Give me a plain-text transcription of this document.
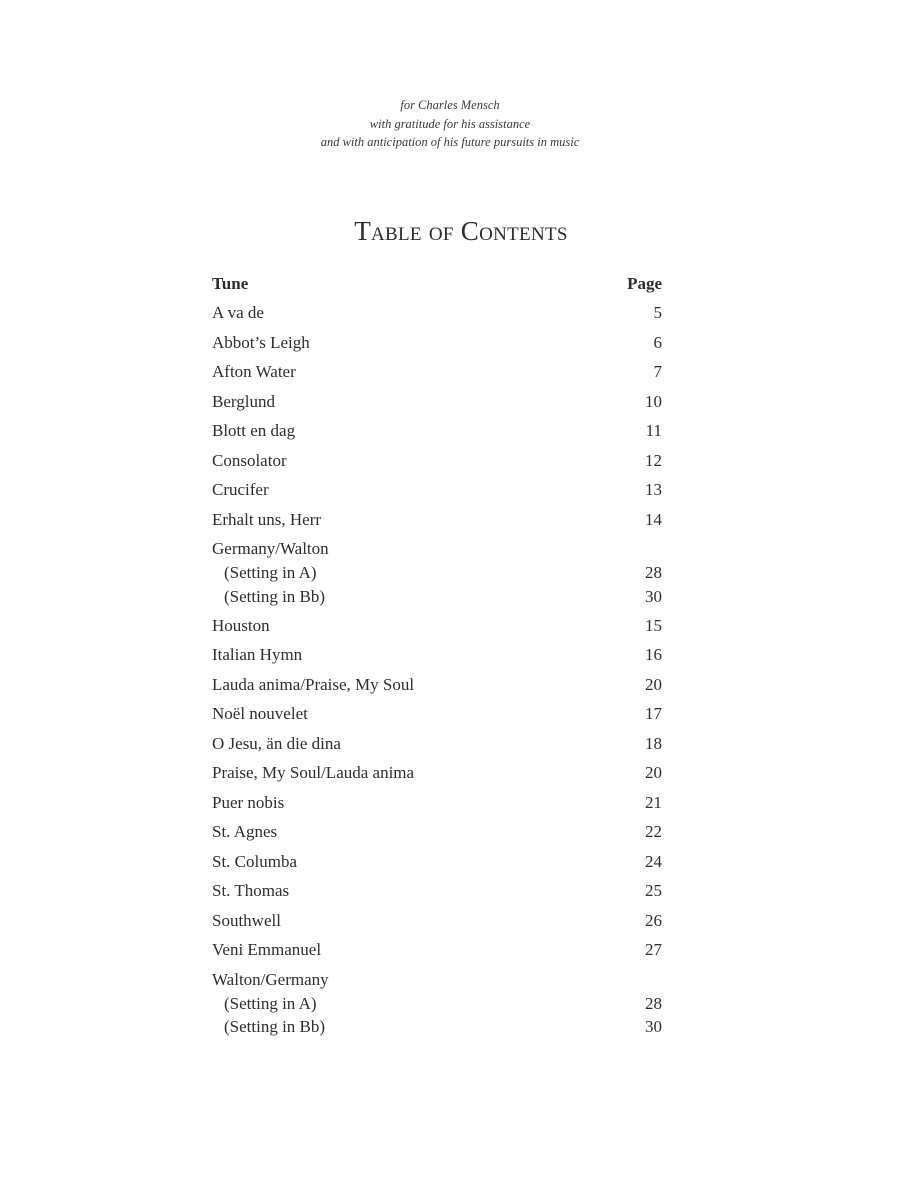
for Charles Mensch
with gratitude for his assistance
and with anticipation of his future pursuits in music
Table of Contents
Tune	Page
A va de	5
Abbot’s Leigh	6
Afton Water	7
Berglund	10
Blott en dag	11
Consolator	12
Crucifer	13
Erhalt uns, Herr	14
Germany/Walton
(Setting in A)	28
(Setting in Bb)	30
Houston	15
Italian Hymn	16
Lauda anima/Praise, My Soul	20
Noël nouvelet	17
O Jesu, än die dina	18
Praise, My Soul/Lauda anima	20
Puer nobis	21
St. Agnes	22
St. Columba	24
St. Thomas	25
Southwell	26
Veni Emmanuel	27
Walton/Germany
(Setting in A)	28
(Setting in Bb)	30
